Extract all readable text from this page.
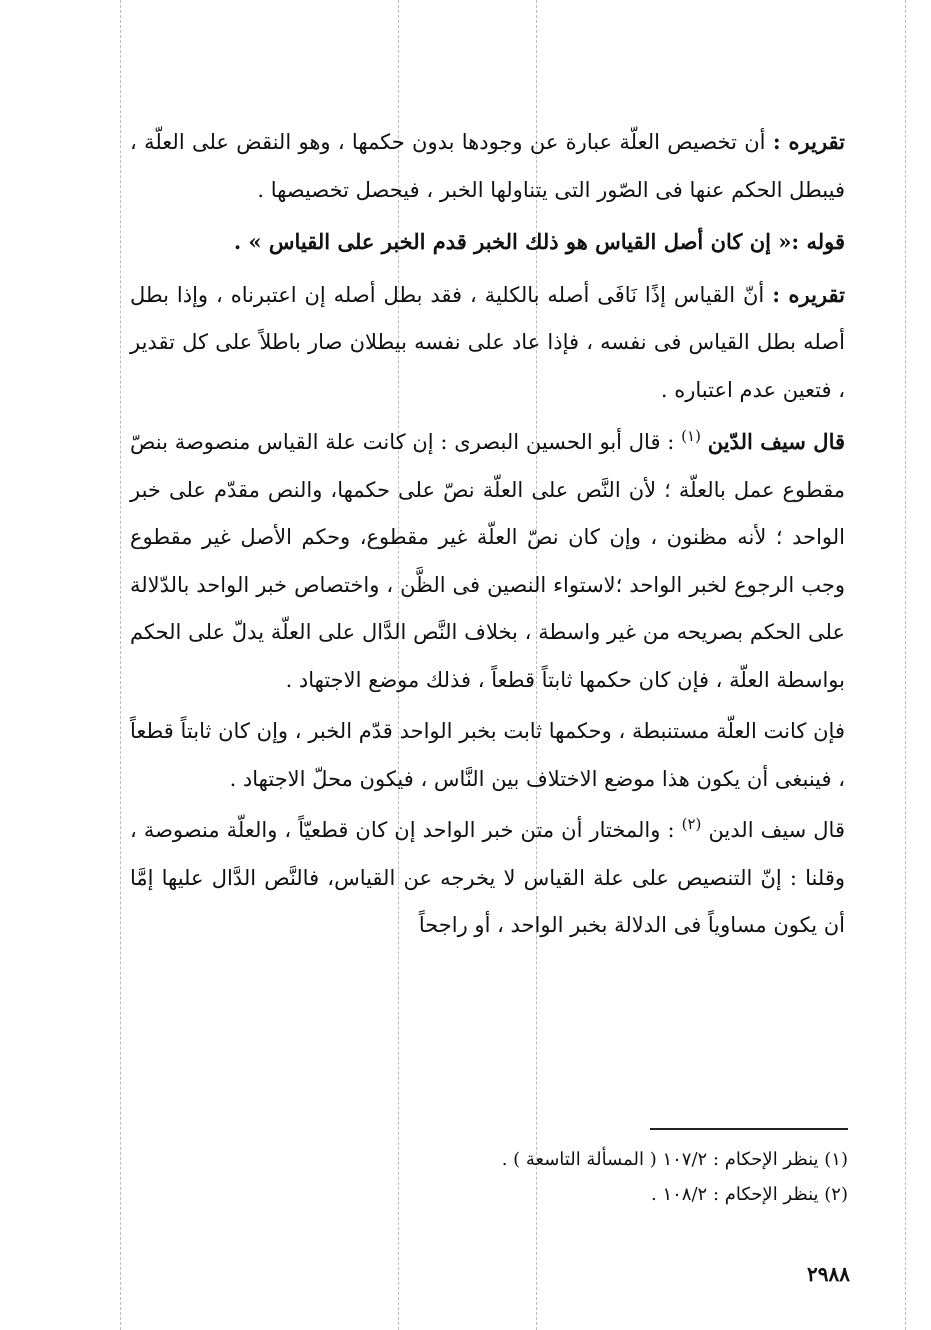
تقريره : أن تخصيص العلّة عبارة عن وجودها بدون حكمها ، وهو النقض على العلّة ، فيبطل الحكم عنها فى الصّور التى يتناولها الخبر ، فيحصل تخصيصها .

قوله :« إن كان أصل القياس هو ذلك الخبر قدم الخبر على القياس » .

تقريره : أنّ القياس إذًا نَافَى أصله بالكلية ، فقد بطل أصله إن اعتبرناه ، وإذا بطل أصله بطل القياس فى نفسه ، فإذا عاد على نفسه بيطلان صار باطلاً على كل تقدير ، فتعين عدم اعتباره .

قال سيف الدّين $^{(١)}$ : قال أبو الحسين البصرى : إن كانت علة القياس منصوصة بنصّ مقطوع عمل بالعلّة ؛ لأن النَّص على العلّة نصّ على حكمها، والنص مقدّم على خبر الواحد ؛ لأنه مظنون ، وإن كان نصّ العلّة غير مقطوع، وحكم الأصل غير مقطوع وجب الرجوع لخبر الواحد ؛لاستواء النصين فى الظَّن ، واختصاص خبر الواحد بالدّلالة على الحكم بصريحه من غير واسطة ، بخلاف النَّص الدَّال على العلّة يدلّ على الحكم بواسطة العلّة ، فإن كان حكمها ثابتاً قطعاً ، فذلك موضع الاجتهاد .

فإن كانت العلّة مستنبطة ، وحكمها ثابت بخبر الواحد قدّم الخبر ، وإن كان ثابتاً قطعاً ، فينبغى أن يكون هذا موضع الاختلاف بين النَّاس ، فيكون محلّ الاجتهاد .

قال سيف الدين $^{(٢)}$ : والمختار أن متن خبر الواحد إن كان قطعيّاً ، والعلّة منصوصة ، وقلنا : إنّ التنصيص على علة القياس لا يخرجه عن القياس، فالنَّص الدَّال عليها إمَّا أن يكون مساوياً فى الدلالة بخبر الواحد ، أو راجحاً

(١) ينظر الإحكام : ١٠٧/٢ ( المسألة التاسعة ) .

(٢) ينظر الإحكام : ١٠٨/٢ .

٢٩٨٨
